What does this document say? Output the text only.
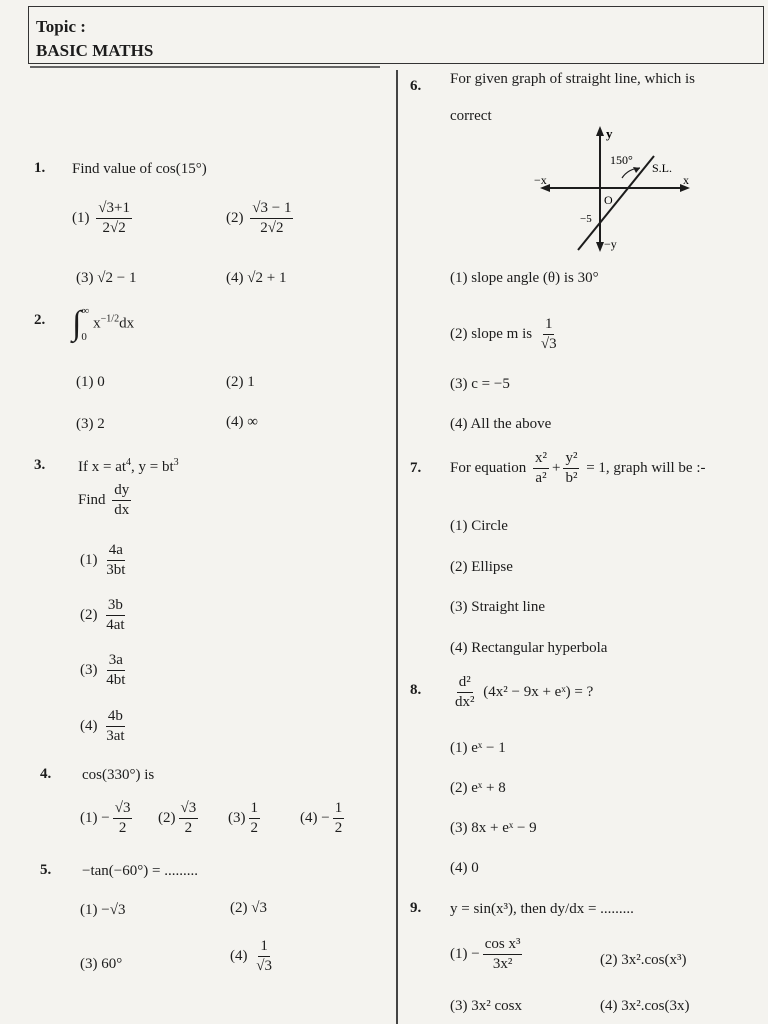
Topic :
BASIC MATHS
1. Find value of cos(15°)
$(1) \frac{√3+1}{2√2}$	$(2) \frac{√3 - 1}{2√2}$
(3) √2 − 1	(4) √2 + 1
2. ∫ ∞
0
$x^{-1/2}dx$
(1) 0	(2) 1
(3) 2	(4) ∞
3. If $x = at^4$, $y = bt^3$
Find $\frac{dy}{dx}$
$(1) \frac{4a}{3bt}$
$(2) \frac{3b}{4at}$
$(3) \frac{3a}{4bt}$
$(4) \frac{4b}{3at}$
4. cos(330°) is
$(1) - \frac{√3}{2} (2) \frac{√3}{2} (3) \frac{1}{2}$	$(4) - \frac{1}{2}$
5. −tan(−60°) = .........
(1) −√3	(2) √3
(3) 60°	$(4) \frac{1}{√3}$
6. For given graph of straight line, which is
correct
y
−y
x
−x
O
−5
150°
S.L.
(1) slope angle (θ) is 30°
(2) slope m is $\frac{1}{√3}$
(3) c = −5
(4) All the above
7. For equation $\frac{\text{x²}}{\text{a²}} + \frac{\text{y²}}{\text{b²}} = 1$, graph will be :-
(1) Circle
(2) Ellipse
(3) Straight line
(4) Rectangular hyperbola
8. $\frac{\text{d²}}{\text{dx²}} (4x^2 - 9x$ + eˣ) = ?
(1) eˣ − 1
(2) eˣ + 8
(3) 8x + eˣ − 9
(4) 0
9. y = sin(x³), then dy/dx = .........
$(1) - \frac{\text{cos x³}}{\text{3x²}}$	(2) 3x².cos(x³)
(3) 3x² cosx	(4) 3x².cos(3x)
